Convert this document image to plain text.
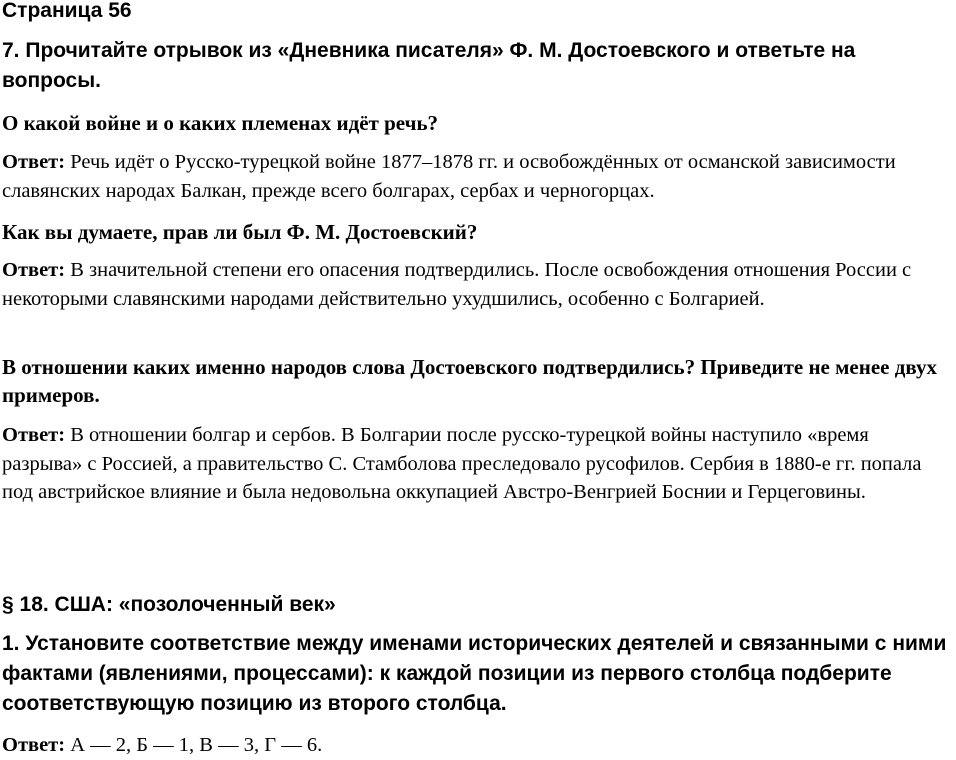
Страница 56
7. Прочитайте отрывок из «Дневника писателя» Ф. М. Достоевского и ответьте на вопросы.

О какой войне и о каких племенах идёт речь?

Ответ: Речь идёт о Русско-турецкой войне 1877–1878 гг. и освобождённых от османской зависимости славянских народах Балкан, прежде всего болгарах, сербах и черногорцах.

Как вы думаете, прав ли был Ф. М. Достоевский?

Ответ: В значительной степени его опасения подтвердились. После освобождения отношения России с некоторыми славянскими народами действительно ухудшились, особенно с Болгарией.

В отношении каких именно народов слова Достоевского подтвердились? Приведите не менее двух примеров.

Ответ: В отношении болгар и сербов. В Болгарии после русско-турецкой войны наступило «время разрыва» с Россией, а правительство С. Стамболова преследовало русофилов. Сербия в 1880-е гг. попала под австрийское влияние и была недовольна оккупацией Австро-Венгрией Боснии и Герцеговины.

§ 18. США: «позолоченный век»
1. Установите соответствие между именами исторических деятелей и связанными с ними фактами (явлениями, процессами): к каждой позиции из первого столбца подберите соответствующую позицию из второго столбца.

Ответ: А — 2, Б — 1, В — 3, Г — 6.
